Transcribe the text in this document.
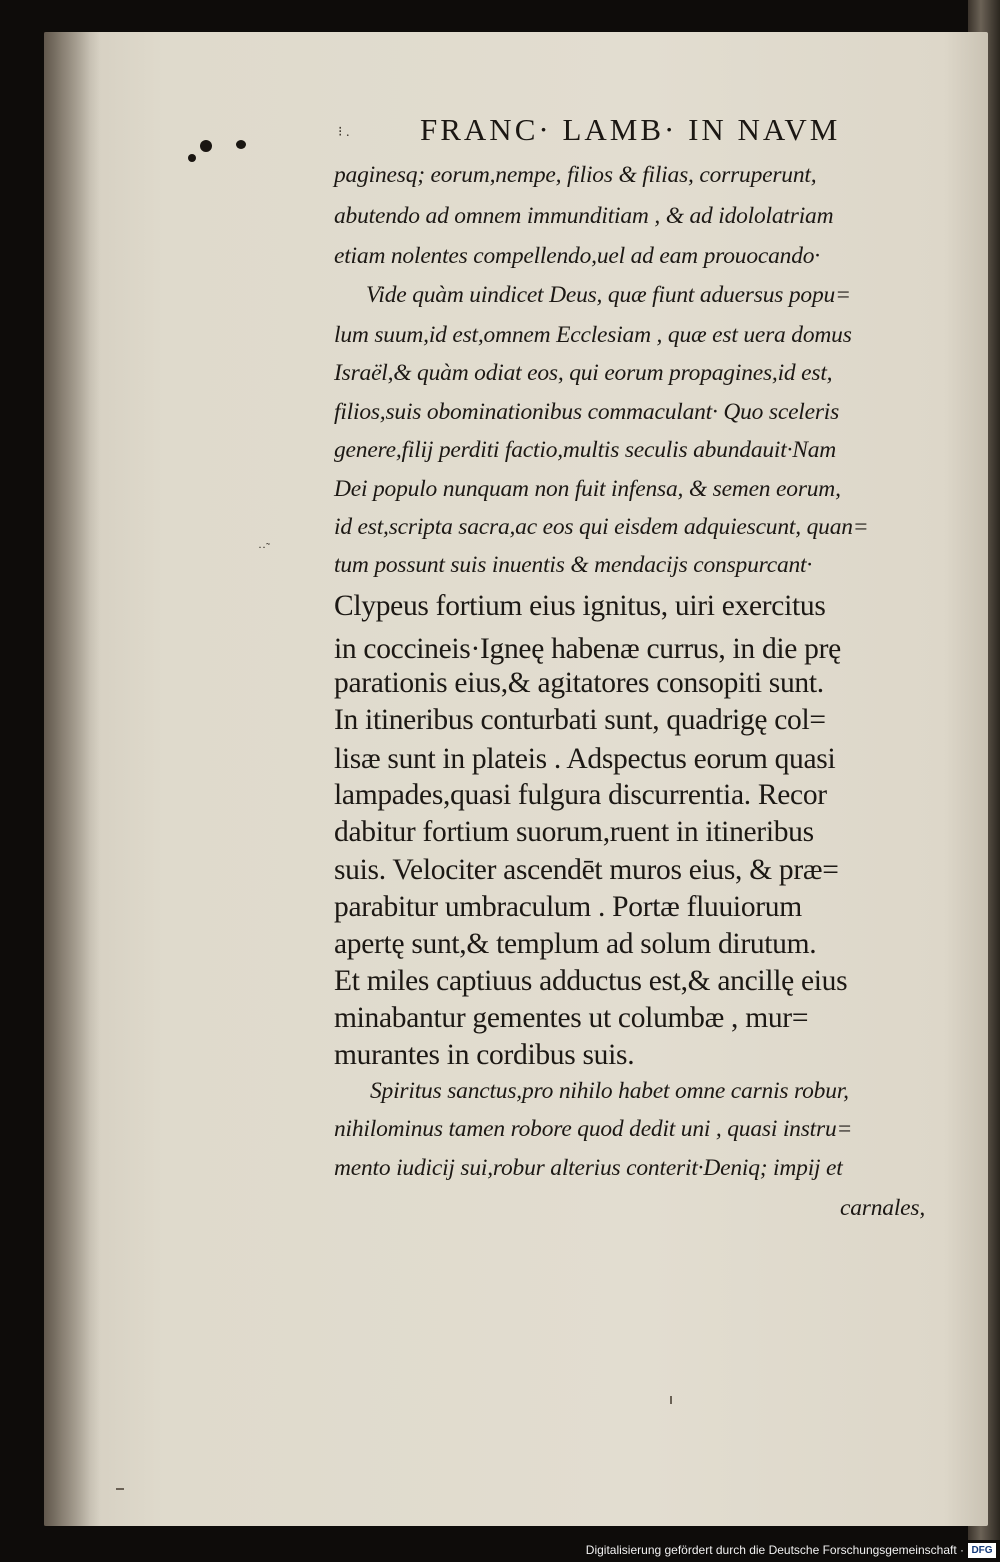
⁝ . FRANC· LAMB· IN NAVM
··˜
paginesq; eorum,nempe, filios & filias, corruperunt,
abutendo ad omnem immunditiam , & ad idololatriam
etiam nolentes compellendo,uel ad eam prouocando·
Vide quàm uindicet Deus, quæ fiunt aduersus popu=
lum suum,id est,omnem Ecclesiam , quæ est uera domus
Israël,& quàm odiat eos, qui eorum propagines,id est,
filios,suis obominationibus commaculant· Quo sceleris
genere,filij perditi factio,multis seculis abundauit·Nam
Dei populo nunquam non fuit infensa, & semen eorum,
id est,scripta sacra,ac eos qui eisdem adquiescunt, quan=
tum possunt suis inuentis & mendacijs conspurcant·
Clypeus fortium eius ignitus, uiri exercitus
in coccineis·Igneę habenæ currus, in die prę
parationis eius,& agitatores consopiti sunt.
In itineribus conturbati sunt, quadrigę col=
lisæ sunt in plateis . Adspectus eorum quasi
lampades,quasi fulgura discurrentia. Recor
dabitur fortium suorum,ruent in itineribus
suis. Velociter ascendēt muros eius, & præ=
parabitur umbraculum . Portæ fluuiorum
apertę sunt,& templum ad solum dirutum.
Et miles captiuus adductus est,& ancillę eius
minabantur gementes ut columbæ , mur=
murantes in cordibus suis.
Spiritus sanctus,pro nihilo habet omne carnis robur,
nihilominus tamen robore quod dedit uni , quasi instru=
mento iudicij sui,robur alterius conterit·Deniq; impij et
carnales,
Digitalisierung gefördert durch die Deutsche Forschungsgemeinschaft · DFG
